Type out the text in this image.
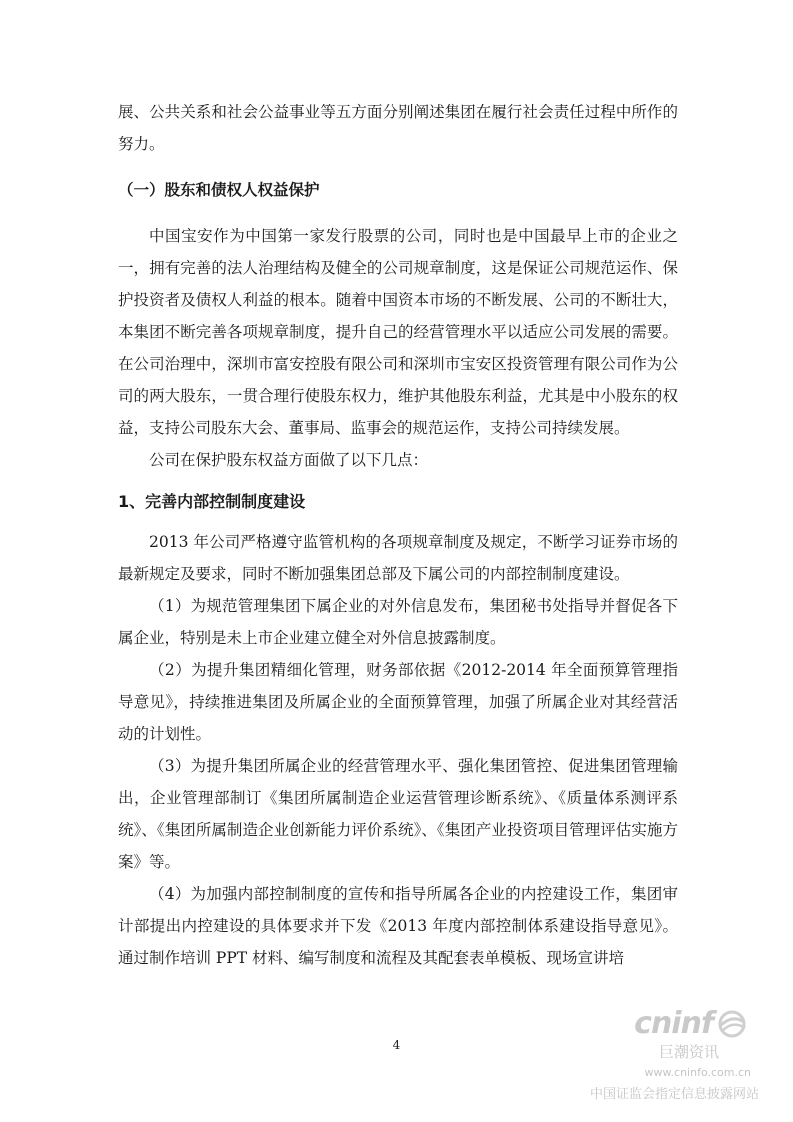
展、公共关系和社会公益事业等五方面分别阐述集团在履行社会责任过程中所作的努力。

（一）股东和债权人权益保护

中国宝安作为中国第一家发行股票的公司，同时也是中国最早上市的企业之一，拥有完善的法人治理结构及健全的公司规章制度，这是保证公司规范运作、保护投资者及债权人利益的根本。随着中国资本市场的不断发展、公司的不断壮大，本集团不断完善各项规章制度，提升自己的经营管理水平以适应公司发展的需要。在公司治理中，深圳市富安控股有限公司和深圳市宝安区投资管理有限公司作为公司的两大股东，一贯合理行使股东权力，维护其他股东利益，尤其是中小股东的权益，支持公司股东大会、董事局、监事会的规范运作，支持公司持续发展。

公司在保护股东权益方面做了以下几点：

1、完善内部控制制度建设

2013 年公司严格遵守监管机构的各项规章制度及规定，不断学习证券市场的最新规定及要求，同时不断加强集团总部及下属公司的内部控制制度建设。

（1）为规范管理集团下属企业的对外信息发布，集团秘书处指导并督促各下属企业，特别是未上市企业建立健全对外信息披露制度。

（2）为提升集团精细化管理，财务部依据《2012-2014 年全面预算管理指导意见》，持续推进集团及所属企业的全面预算管理，加强了所属企业对其经营活动的计划性。

（3）为提升集团所属企业的经营管理水平、强化集团管控、促进集团管理输出，企业管理部制订《集团所属制造企业运营管理诊断系统》、《质量体系测评系统》、《集团所属制造企业创新能力评价系统》、《集团产业投资项目管理评估实施方案》等。

（4）为加强内部控制制度的宣传和指导所属各企业的内控建设工作，集团审计部提出内控建设的具体要求并下发《2013 年度内部控制体系建设指导意见》。通过制作培训 PPT 材料、编写制度和流程及其配套表单模板、现场宣讲培

4
cninf
巨潮资讯
www.cninfo.com.cn
中国证监会指定信息披露网站
